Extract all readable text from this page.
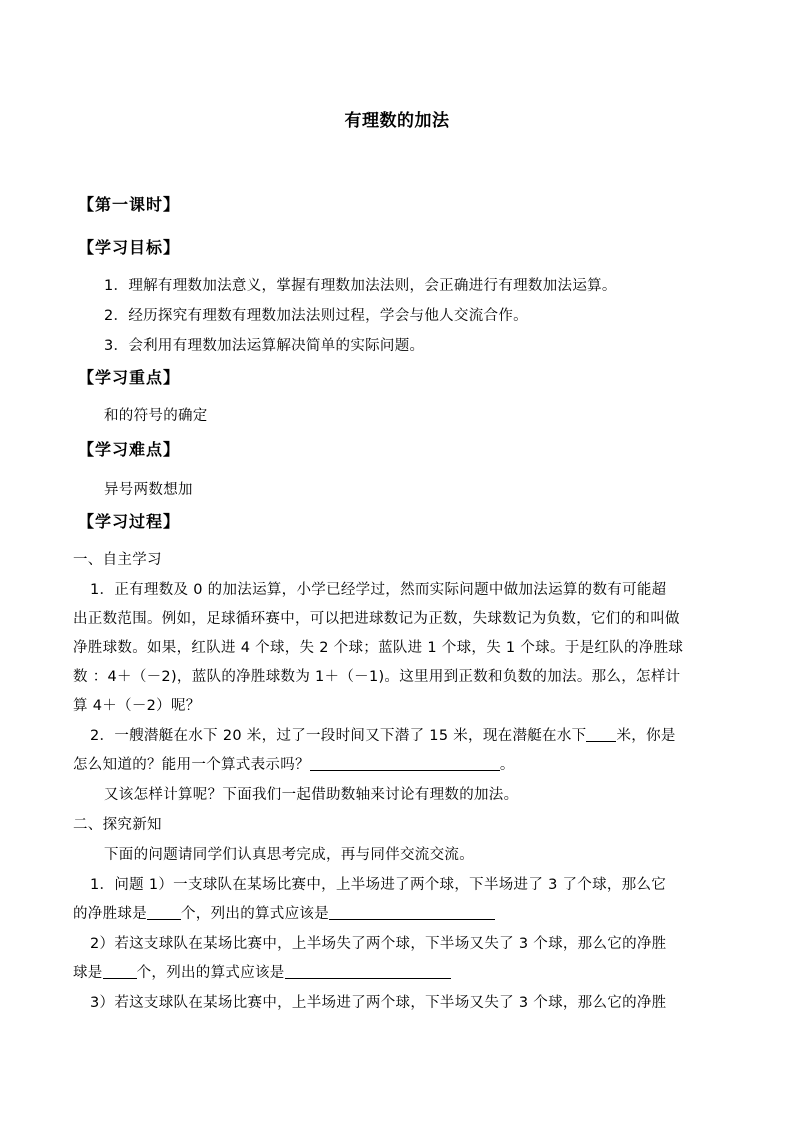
有理数的加法
【第一课时】
【学习目标】
1．理解有理数加法意义，掌握有理数加法法则，会正确进行有理数加法运算。
2．经历探究有理数有理数加法法则过程，学会与他人交流合作。
3．会利用有理数加法运算解决简单的实际问题。
【学习重点】
和的符号的确定
【学习难点】
异号两数想加
【学习过程】
一、自主学习
1．正有理数及 0 的加法运算，小学已经学过，然而实际问题中做加法运算的数有可能超
出正数范围。例如，足球循环赛中，可以把进球数记为正数，失球数记为负数，它们的和叫做
净胜球数。如果，红队进 4 个球，失 2 个球；蓝队进 1 个球，失 1 个球。于是红队的净胜球
数 ：4＋（－2)，蓝队的净胜球数为 1＋（－1)。这里用到正数和负数的加法。那么，怎样计
算 4＋（－2）呢？
2．一艘潜艇在水下 20 米，过了一段时间又下潜了 15 米，现在潜艇在水下 米，你是
怎么知道的？能用一个算式表示吗？	。
又该怎样计算呢？下面我们一起借助数轴来讨论有理数的加法。
二、探究新知
下面的问题请同学们认真思考完成，再与同伴交流交流。
1．问题 1）一支球队在某场比赛中，上半场进了两个球，下半场进了 3 了个球，那么它
的净胜球是 个，列出的算式应该是
2）若这支球队在某场比赛中，上半场失了两个球，下半场又失了 3 个球，那么它的净胜
球是 个，列出的算式应该是
3）若这支球队在某场比赛中，上半场进了两个球，下半场又失了 3 个球，那么它的净胜
